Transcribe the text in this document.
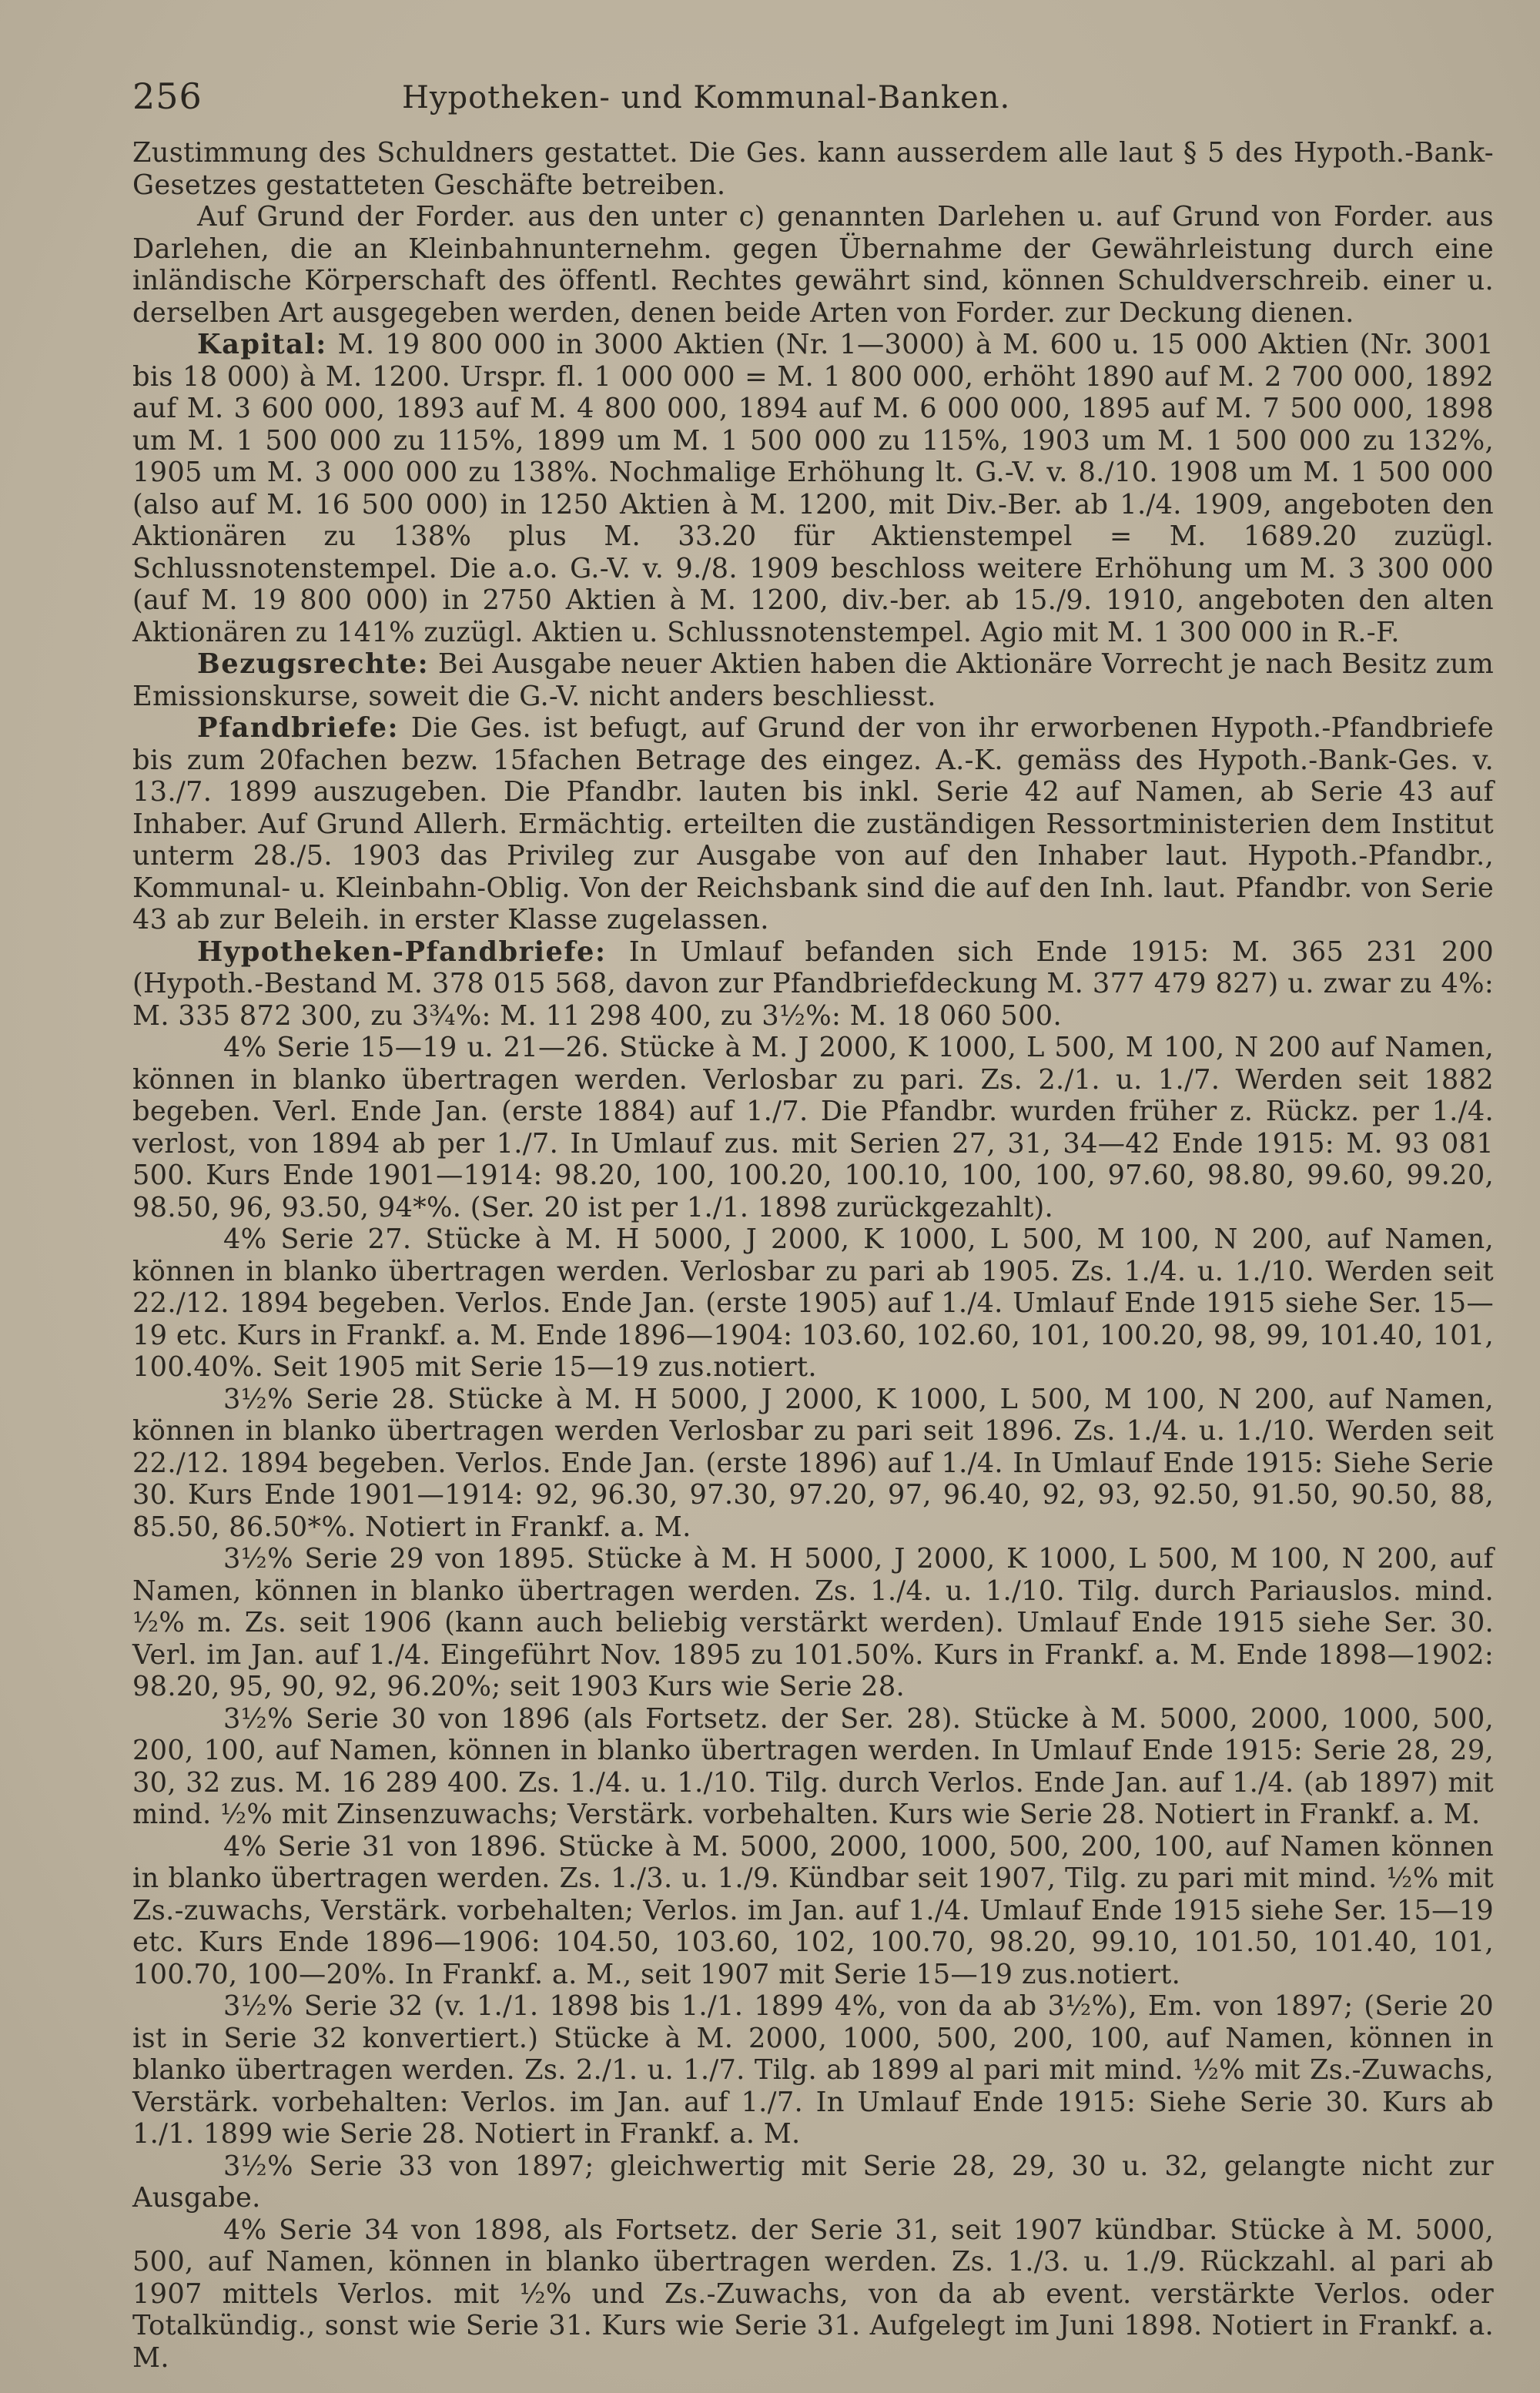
256	Hypotheken- und Kommunal-Banken.

Zustimmung des Schuldners gestattet. Die Ges. kann ausserdem alle laut § 5 des Hypoth.-Bank-Gesetzes gestatteten Geschäfte betreiben.

Auf Grund der Forder. aus den unter c) genannten Darlehen u. auf Grund von Forder. aus Darlehen, die an Kleinbahnunternehm. gegen Übernahme der Gewährleistung durch eine inländische Körperschaft des öffentl. Rechtes gewährt sind, können Schuldverschreib. einer u. derselben Art ausgegeben werden, denen beide Arten von Forder. zur Deckung dienen.

Kapital: M. 19 800 000 in 3000 Aktien (Nr. 1—3000) à M. 600 u. 15 000 Aktien (Nr. 3001 bis 18 000) à M. 1200. Urspr. fl. 1 000 000 = M. 1 800 000, erhöht 1890 auf M. 2 700 000, 1892 auf M. 3 600 000, 1893 auf M. 4 800 000, 1894 auf M. 6 000 000, 1895 auf M. 7 500 000, 1898 um M. 1 500 000 zu 115%, 1899 um M. 1 500 000 zu 115%, 1903 um M. 1 500 000 zu 132%, 1905 um M. 3 000 000 zu 138%. Nochmalige Erhöhung lt. G.-V. v. 8./10. 1908 um M. 1 500 000 (also auf M. 16 500 000) in 1250 Aktien à M. 1200, mit Div.-Ber. ab 1./4. 1909, angeboten den Aktionären zu 138% plus M. 33.20 für Aktienstempel = M. 1689.20 zuzügl. Schlussnotenstempel. Die a.o. G.-V. v. 9./8. 1909 beschloss weitere Erhöhung um M. 3 300 000 (auf M. 19 800 000) in 2750 Aktien à M. 1200, div.-ber. ab 15./9. 1910, angeboten den alten Aktionären zu 141% zuzügl. Aktien u. Schlussnotenstempel. Agio mit M. 1 300 000 in R.-F.

Bezugsrechte: Bei Ausgabe neuer Aktien haben die Aktionäre Vorrecht je nach Besitz zum Emissionskurse, soweit die G.-V. nicht anders beschliesst.

Pfandbriefe: Die Ges. ist befugt, auf Grund der von ihr erworbenen Hypoth.-Pfandbriefe bis zum 20fachen bezw. 15fachen Betrage des eingez. A.-K. gemäss des Hypoth.-Bank-Ges. v. 13./7. 1899 auszugeben. Die Pfandbr. lauten bis inkl. Serie 42 auf Namen, ab Serie 43 auf Inhaber. Auf Grund Allerh. Ermächtig. erteilten die zuständigen Ressortministerien dem Institut unterm 28./5. 1903 das Privileg zur Ausgabe von auf den Inhaber laut. Hypoth.-Pfandbr., Kommunal- u. Kleinbahn-Oblig. Von der Reichsbank sind die auf den Inh. laut. Pfandbr. von Serie 43 ab zur Beleih. in erster Klasse zugelassen.

Hypotheken-Pfandbriefe: In Umlauf befanden sich Ende 1915: M. 365 231 200 (Hypoth.-Bestand M. 378 015 568, davon zur Pfandbriefdeckung M. 377 479 827) u. zwar zu 4%: M. 335 872 300, zu 3¾%: M. 11 298 400, zu 3½%: M. 18 060 500.

4% Serie 15—19 u. 21—26. Stücke à M. J 2000, K 1000, L 500, M 100, N 200 auf Namen, können in blanko übertragen werden. Verlosbar zu pari. Zs. 2./1. u. 1./7. Werden seit 1882 begeben. Verl. Ende Jan. (erste 1884) auf 1./7. Die Pfandbr. wurden früher z. Rückz. per 1./4. verlost, von 1894 ab per 1./7. In Umlauf zus. mit Serien 27, 31, 34—42 Ende 1915: M. 93 081 500. Kurs Ende 1901—1914: 98.20, 100, 100.20, 100.10, 100, 100, 97.60, 98.80, 99.60, 99.20, 98.50, 96, 93.50, 94*%. (Ser. 20 ist per 1./1. 1898 zurückgezahlt).

4% Serie 27. Stücke à M. H 5000, J 2000, K 1000, L 500, M 100, N 200, auf Namen, können in blanko übertragen werden. Verlosbar zu pari ab 1905. Zs. 1./4. u. 1./10. Werden seit 22./12. 1894 begeben. Verlos. Ende Jan. (erste 1905) auf 1./4. Umlauf Ende 1915 siehe Ser. 15—19 etc. Kurs in Frankf. a. M. Ende 1896—1904: 103.60, 102.60, 101, 100.20, 98, 99, 101.40, 101, 100.40%. Seit 1905 mit Serie 15—19 zus.notiert.

3½% Serie 28. Stücke à M. H 5000, J 2000, K 1000, L 500, M 100, N 200, auf Namen, können in blanko übertragen werden Verlosbar zu pari seit 1896. Zs. 1./4. u. 1./10. Werden seit 22./12. 1894 begeben. Verlos. Ende Jan. (erste 1896) auf 1./4. In Umlauf Ende 1915: Siehe Serie 30. Kurs Ende 1901—1914: 92, 96.30, 97.30, 97.20, 97, 96.40, 92, 93, 92.50, 91.50, 90.50, 88, 85.50, 86.50*%. Notiert in Frankf. a. M.

3½% Serie 29 von 1895. Stücke à M. H 5000, J 2000, K 1000, L 500, M 100, N 200, auf Namen, können in blanko übertragen werden. Zs. 1./4. u. 1./10. Tilg. durch Pariauslos. mind. ½% m. Zs. seit 1906 (kann auch beliebig verstärkt werden). Umlauf Ende 1915 siehe Ser. 30. Verl. im Jan. auf 1./4. Eingeführt Nov. 1895 zu 101.50%. Kurs in Frankf. a. M. Ende 1898—1902: 98.20, 95, 90, 92, 96.20%; seit 1903 Kurs wie Serie 28.

3½% Serie 30 von 1896 (als Fortsetz. der Ser. 28). Stücke à M. 5000, 2000, 1000, 500, 200, 100, auf Namen, können in blanko übertragen werden. In Umlauf Ende 1915: Serie 28, 29, 30, 32 zus. M. 16 289 400. Zs. 1./4. u. 1./10. Tilg. durch Verlos. Ende Jan. auf 1./4. (ab 1897) mit mind. ½% mit Zinsenzuwachs; Verstärk. vorbehalten. Kurs wie Serie 28. Notiert in Frankf. a. M.

4% Serie 31 von 1896. Stücke à M. 5000, 2000, 1000, 500, 200, 100, auf Namen können in blanko übertragen werden. Zs. 1./3. u. 1./9. Kündbar seit 1907, Tilg. zu pari mit mind. ½% mit Zs.-zuwachs, Verstärk. vorbehalten; Verlos. im Jan. auf 1./4. Umlauf Ende 1915 siehe Ser. 15—19 etc. Kurs Ende 1896—1906: 104.50, 103.60, 102, 100.70, 98.20, 99.10, 101.50, 101.40, 101, 100.70, 100—20%. In Frankf. a. M., seit 1907 mit Serie 15—19 zus.notiert.

3½% Serie 32 (v. 1./1. 1898 bis 1./1. 1899 4%, von da ab 3½%), Em. von 1897; (Serie 20 ist in Serie 32 konvertiert.) Stücke à M. 2000, 1000, 500, 200, 100, auf Namen, können in blanko übertragen werden. Zs. 2./1. u. 1./7. Tilg. ab 1899 al pari mit mind. ½% mit Zs.-Zuwachs, Verstärk. vorbehalten: Verlos. im Jan. auf 1./7. In Umlauf Ende 1915: Siehe Serie 30. Kurs ab 1./1. 1899 wie Serie 28. Notiert in Frankf. a. M.

3½% Serie 33 von 1897; gleichwertig mit Serie 28, 29, 30 u. 32, gelangte nicht zur Ausgabe.

4% Serie 34 von 1898, als Fortsetz. der Serie 31, seit 1907 kündbar. Stücke à M. 5000, 500, auf Namen, können in blanko übertragen werden. Zs. 1./3. u. 1./9. Rückzahl. al pari ab 1907 mittels Verlos. mit ½% und Zs.-Zuwachs, von da ab event. verstärkte Verlos. oder Totalkündig., sonst wie Serie 31. Kurs wie Serie 31. Aufgelegt im Juni 1898. Notiert in Frankf. a. M.
